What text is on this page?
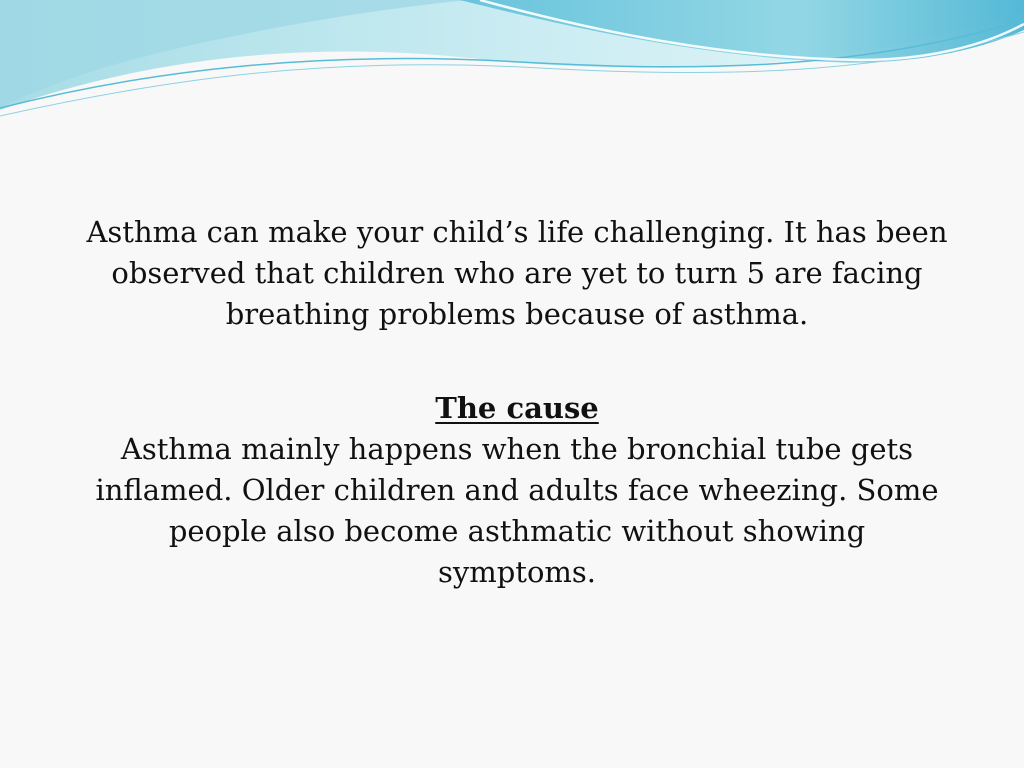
Asthma can make your child’s life challenging. It has been
observed that children who are yet to turn 5 are facing
breathing problems because of asthma.

The cause

Asthma mainly happens when the bronchial tube gets
inflamed. Older children and adults face wheezing. Some
people also become asthmatic without showing
symptoms.
